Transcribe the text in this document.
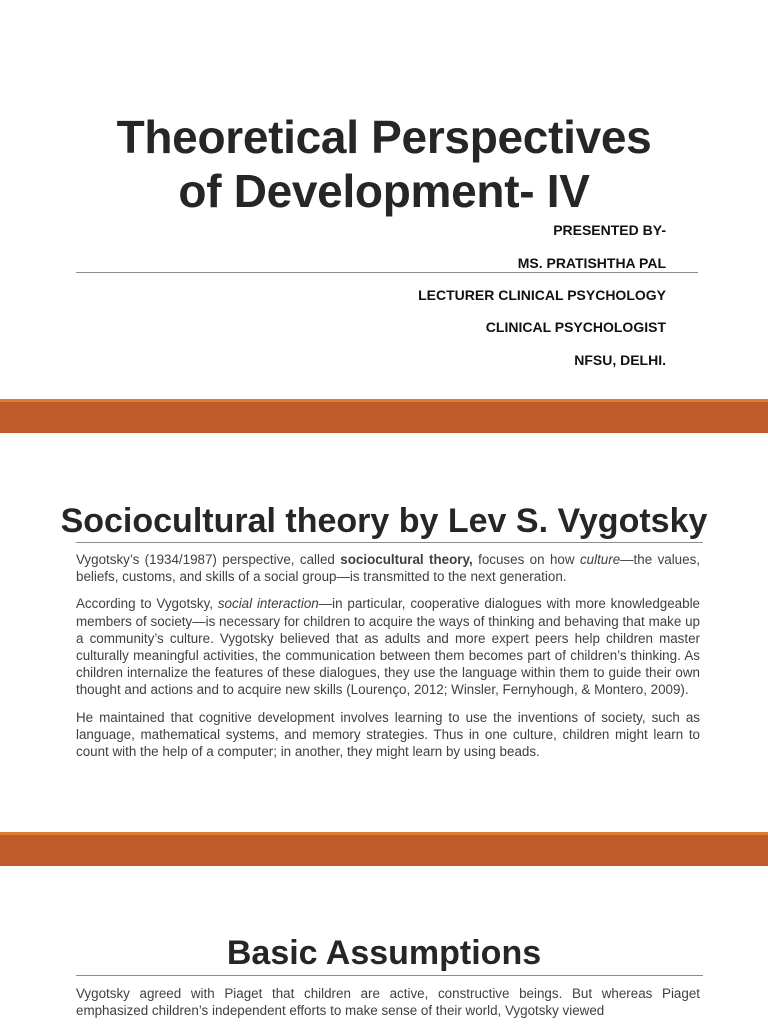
Theoretical Perspectives
of Development- IV
PRESENTED BY-
MS. PRATISHTHA PAL
LECTURER CLINICAL PSYCHOLOGY
CLINICAL PSYCHOLOGIST
NFSU, DELHI.
Sociocultural theory by Lev S. Vygotsky

Vygotsky’s (1934/1987) perspective, called sociocultural theory, focuses on how culture—the values, beliefs, customs, and skills of a social group—is transmitted to the next generation.

According to Vygotsky, social interaction—in particular, cooperative dialogues with more knowledgeable members of society—is necessary for children to acquire the ways of thinking and behaving that make up a community’s culture. Vygotsky believed that as adults and more expert peers help children master culturally meaningful activities, the communication between them becomes part of children’s thinking. As children internalize the features of these dialogues, they use the language within them to guide their own thought and actions and to acquire new skills (Lourenço, 2012; Winsler, Fernyhough, & Montero, 2009).

He maintained that cognitive development involves learning to use the inventions of society, such as language, mathematical systems, and memory strategies. Thus in one culture, children might learn to count with the help of a computer; in another, they might learn by using beads.

Basic Assumptions

Vygotsky agreed with Piaget that children are active, constructive beings. But whereas Piaget emphasized children’s independent efforts to make sense of their world, Vygotsky viewed
